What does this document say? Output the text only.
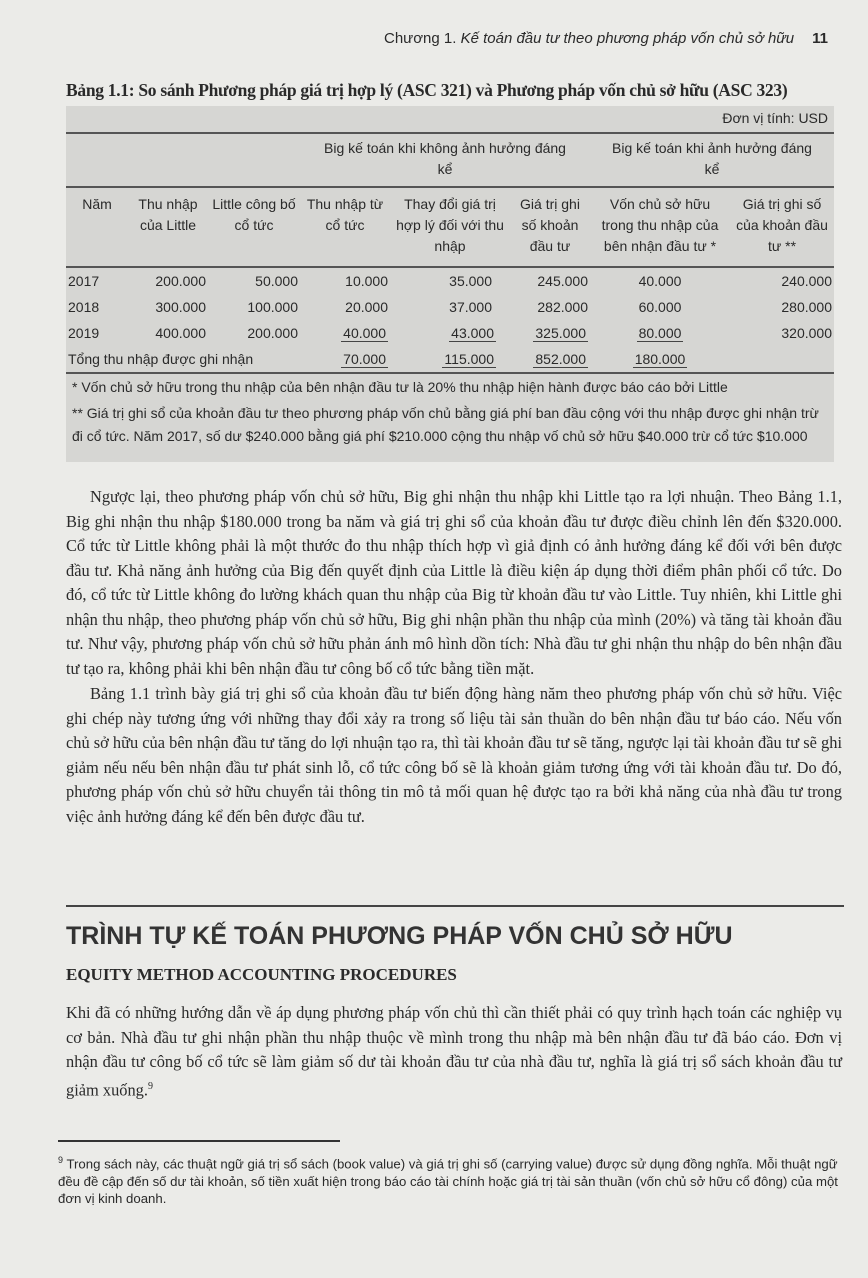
Chương 1. Kế toán đầu tư theo phương pháp vốn chủ sở hữu 11
Bảng 1.1: So sánh Phương pháp giá trị hợp lý (ASC 321) và Phương pháp vốn chủ sở hữu (ASC 323)
Đơn vị tính: USD
			Big kế toán khi không ảnh hưởng đáng kể			Big kế toán khi ảnh hưởng đáng kể	
Năm	Thu nhập của Little	Little công bố cổ tức	Thu nhập từ cổ tức	Thay đổi giá trị hợp lý đối với thu nhập	Giá trị ghi số khoản đầu tư	Vốn chủ sở hữu trong thu nhập của bên nhận đầu tư *	Giá trị ghi số của khoản đầu tư **
2017	200.000	50.000	10.000	35.000	245.000	40.000	240.000
2018	300.000	100.000	20.000	37.000	282.000	60.000	280.000
2019	400.000	200.000	40.000	43.000	325.000	80.000	320.000
Tổng thu nhập được ghi nhận			70.000	115.000	852.000	180.000	
* Vốn chủ sở hữu trong thu nhập của bên nhận đầu tư là 20% thu nhập hiện hành được báo cáo bởi Little
** Giá trị ghi sổ của khoản đầu tư theo phương pháp vốn chủ bằng giá phí ban đầu cộng với thu nhập được ghi nhận trừ đi cổ tức. Năm 2017, số dư $240.000 bằng giá phí $210.000 cộng thu nhập vố chủ sở hữu $40.000 trừ cổ tức $10.000

Ngược lại, theo phương pháp vốn chủ sở hữu, Big ghi nhận thu nhập khi Little tạo ra lợi nhuận. Theo Bảng 1.1, Big ghi nhận thu nhập $180.000 trong ba năm và giá trị ghi sổ của khoản đầu tư được điều chỉnh lên đến $320.000. Cổ tức từ Little không phải là một thước đo thu nhập thích hợp vì giả định có ảnh hưởng đáng kể đối với bên được đầu tư. Khả năng ảnh hưởng của Big đến quyết định của Little là điều kiện áp dụng thời điểm phân phối cổ tức. Do đó, cổ tức từ Little không đo lường khách quan thu nhập của Big từ khoản đầu tư vào Little. Tuy nhiên, khi Little ghi nhận thu nhập, theo phương pháp vốn chủ sở hữu, Big ghi nhận phần thu nhập của mình (20%) và tăng tài khoản đầu tư. Như vậy, phương pháp vốn chủ sở hữu phản ánh mô hình dồn tích: Nhà đầu tư ghi nhận thu nhập do bên nhận đầu tư tạo ra, không phải khi bên nhận đầu tư công bố cổ tức bằng tiền mặt.

Bảng 1.1 trình bày giá trị ghi sổ của khoản đầu tư biến động hàng năm theo phương pháp vốn chủ sở hữu. Việc ghi chép này tương ứng với những thay đổi xảy ra trong số liệu tài sản thuần do bên nhận đầu tư báo cáo. Nếu vốn chủ sở hữu của bên nhận đầu tư tăng do lợi nhuận tạo ra, thì tài khoản đầu tư sẽ tăng, ngược lại tài khoản đầu tư sẽ ghi giảm nếu nếu bên nhận đầu tư phát sinh lỗ, cổ tức công bố sẽ là khoản giảm tương ứng với tài khoản đầu tư. Do đó, phương pháp vốn chủ sở hữu chuyển tải thông tin mô tả mối quan hệ được tạo ra bởi khả năng của nhà đầu tư trong việc ảnh hưởng đáng kể đến bên được đầu tư.

TRÌNH TỰ KẾ TOÁN PHƯƠNG PHÁP VỐN CHỦ SỞ HỮU
EQUITY METHOD ACCOUNTING PROCEDURES

Khi đã có những hướng dẫn về áp dụng phương pháp vốn chủ thì cần thiết phải có quy trình hạch toán các nghiệp vụ cơ bản. Nhà đầu tư ghi nhận phần thu nhập thuộc về mình trong thu nhập mà bên nhận đầu tư đã báo cáo. Đơn vị nhận đầu tư công bố cổ tức sẽ làm giảm số dư tài khoản đầu tư của nhà đầu tư, nghĩa là giá trị sổ sách khoản đầu tư giảm xuống.$^9$

$^9$ Trong sách này, các thuật ngữ giá trị sổ sách (book value) và giá trị ghi số (carrying value) được sử dụng đồng nghĩa. Mỗi thuật ngữ đều đề cập đến số dư tài khoản, số tiền xuất hiện trong báo cáo tài chính hoặc giá trị tài sản thuần (vốn chủ sở hữu cổ đông) của một đơn vị kinh doanh.
